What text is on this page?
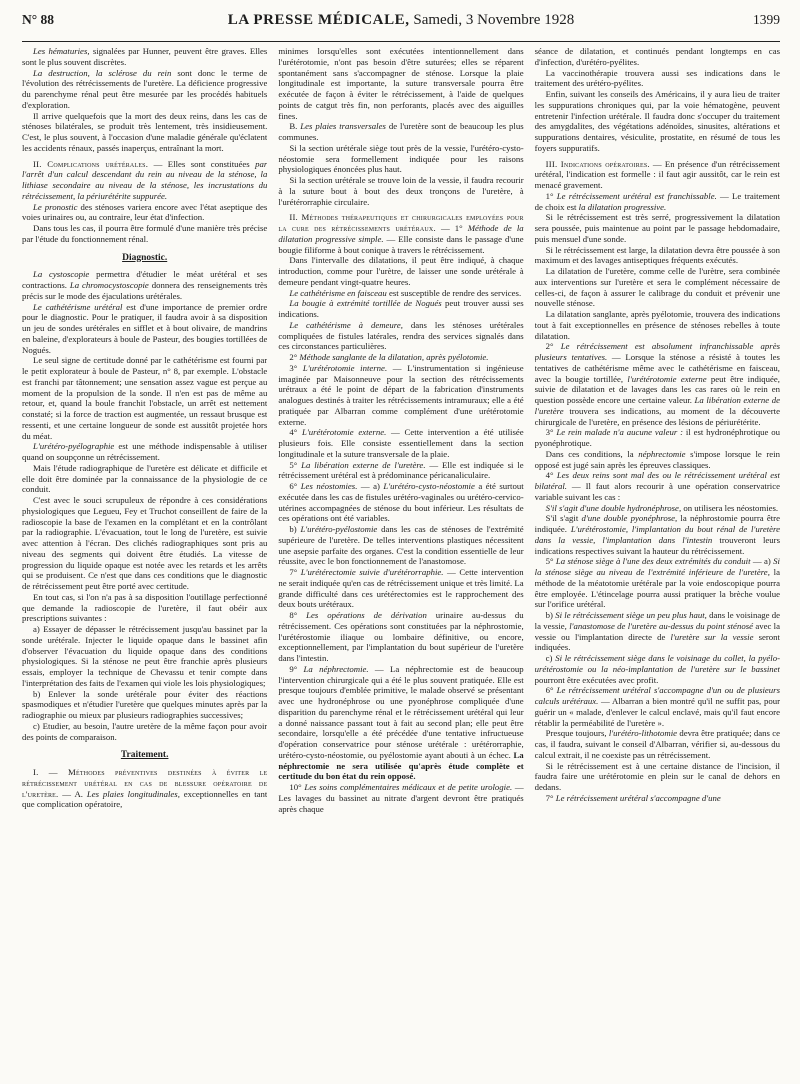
N° 88	LA PRESSE MÉDICALE, Samedi, 3 Novembre 1928	1399

Les hématuries, signalées par Hunner, peuvent être graves. Elles sont le plus souvent discrètes.

La destruction, la sclérose du rein sont donc le terme de l'évolution des rétrécissements de l'uretère. La déficience progressive du parenchyme rénal peut être mesurée par les procédés habituels d'exploration.

Il arrive quelquefois que la mort des deux reins, dans les cas de sténoses bilatérales, se produit très lentement, très insidieusement. C'est, le plus souvent, à l'occasion d'une maladie générale qu'éclatent les accidents rénaux, passés inaperçus, entraînant la mort.

II. Complications urétérales. — Elles sont constituées par l'arrêt d'un calcul descendant du rein au niveau de la sténose, la lithiase secondaire au niveau de la sténose, les incrustations du rétrécissement, la périurétérite suppurée.

Le pronostic des sténoses variera encore avec l'état aseptique des voies urinaires ou, au contraire, leur état d'infection.

Dans tous les cas, il pourra être formulé d'une manière très précise par l'étude du fonctionnement rénal.

Diagnostic.

La cystoscopie permettra d'étudier le méat urétéral et ses contractions. La chromocystoscopie donnera des renseignements très précis sur le mode des éjaculations urétérales.

Le cathétérisme urétéral est d'une importance de premier ordre pour le diagnostic. Pour le pratiquer, il faudra avoir à sa disposition un jeu de sondes urétérales en sifflet et à bout olivaire, de mandrins en baleine, d'explorateurs à boule de Pasteur, des bougies tortillées de Nogués.

Le seul signe de certitude donné par le cathétérisme est fourni par le petit explorateur à boule de Pasteur, n° 8, par exemple. L'obstacle est franchi par tâtonnement; une sensation assez vague est perçue au moment de la propulsion de la sonde. Il n'en est pas de même au retour, et, quand la boule franchit l'obstacle, un arrêt est nettement constaté; si la force de traction est augmentée, un ressaut brusque est ressenti, et une certaine longueur de sonde est aussitôt projetée hors du méat.

L'urétéro-pyélographie est une méthode indispensable à utiliser quand on soupçonne un rétrécissement.

Mais l'étude radiographique de l'uretère est délicate et difficile et elle doit être dominée par la connaissance de la physiologie de ce conduit.

C'est avec le souci scrupuleux de répondre à ces considérations physiologiques que Legueu, Fey et Truchot conseillent de faire de la radioscopie la base de l'examen en la complétant et en la contrôlant par la radiographie. L'évacuation, tout le long de l'uretère, est suivie avec attention à l'écran. Des clichés radiographiques sont pris au niveau des segments qui doivent être étudiés. La vitesse de progression du liquide opaque est notée avec les retards et les arrêts qui se produisent. Ce n'est que dans ces conditions que le diagnostic de rétrécissement peut être porté avec certitude.

En tout cas, si l'on n'a pas à sa disposition l'outillage perfectionné que demande la radioscopie de l'uretère, il faut obéir aux prescriptions suivantes :

a) Essayer de dépasser le rétrécissement jusqu'au bassinet par la sonde urétérale. Injecter le liquide opaque dans le bassinet afin d'observer l'évacuation du liquide opaque dans des conditions physiologiques. Si la sténose ne peut être franchie après plusieurs essais, employer la technique de Chevassu et tenir compte dans l'interprétation des faits de l'examen qui viole les lois physiologiques;

b) Enlever la sonde urétérale pour éviter des réactions spasmodiques et n'étudier l'uretère que quelques minutes après par la radiographie ou mieux par plusieurs radiographies successives;

c) Etudier, au besoin, l'autre uretère de la même façon pour avoir des points de comparaison.

Traitement.

I. — Méthodes préventives destinées à éviter le rétrécissement urétéral en cas de blessure opératoire de l'uretère. — A. Les plaies longitudinales, exceptionnelles en tant que complication opératoire,

minimes lorsqu'elles sont exécutées intentionnellement dans l'urétérotomie, n'ont pas besoin d'être suturées; elles se réparent spontanément sans s'accompagner de sténose. Lorsque la plaie longitudinale est importante, la suture transversale pourra être exécutée de façon à éviter le rétrécissement, à l'aide de quelques points de catgut très fin, non perforants, placés avec des aiguilles fines.

B. Les plaies transversales de l'uretère sont de beaucoup les plus communes.

Si la section urétérale siège tout près de la vessie, l'urétéro-cysto-néostomie sera formellement indiquée pour les raisons physiologiques énoncées plus haut.

Si la section urétérale se trouve loin de la vessie, il faudra recourir à la suture bout à bout des deux tronçons de l'uretère, à l'urétérorraphie circulaire.

II. Méthodes thérapeutiques et chirurgicales employées pour la cure des rétrécissements urétéraux. — 1° Méthode de la dilatation progressive simple. — Elle consiste dans le passage d'une bougie filiforme à bout conique à travers le rétrécissement.

Dans l'intervalle des dilatations, il peut être indiqué, à chaque introduction, comme pour l'urètre, de laisser une sonde urétérale à demeure pendant vingt-quatre heures.

Le cathétérisme en faisceau est susceptible de rendre des services.

La bougie à extrémité tortillée de Nogués peut trouver aussi ses indications.

Le cathétérisme à demeure, dans les sténoses urétérales compliquées de fistules latérales, rendra des services signalés dans ces circonstances particulières.

2° Méthode sanglante de la dilatation, après pyélotomie.

3° L'urétérotomie interne. — L'instrumentation si ingénieuse imaginée par Maisonneuve pour la section des rétrécissements urétraux a été le point de départ de la fabrication d'instruments analogues destinés à traiter les rétrécissements intramuraux; elle a été pratiquée par Albarran comme complément d'une urétérotomie externe.

4° L'urétérotomie externe. — Cette intervention a été utilisée plusieurs fois. Elle consiste essentiellement dans la section longitudinale et la suture transversale de la plaie.

5° La libération externe de l'uretère. — Elle est indiquée si le rétrécissement urétéral est à prédominance péricanaliculaire.

6° Les néostomies. — a) L'urétéro-cysto-néostomie a été surtout exécutée dans les cas de fistules urétéro-vaginales ou urétéro-cervico-utérines accompagnées de sténose du bout inférieur. Les résultats de ces opérations ont été variables.

b) L'urétéro-pyélostomie dans les cas de sténoses de l'extrémité supérieure de l'uretère. De telles interventions plastiques nécessitent une asepsie parfaite des organes. C'est la condition essentielle de leur réussite, avec le bon fonctionnement de l'anastomose.

7° L'urétérectomie suivie d'urétérorraphie. — Cette intervention ne serait indiquée qu'en cas de rétrécissement unique et très limité. La grande difficulté dans ces urétérectomies est le rapprochement des deux bouts urétéraux.

8° Les opérations de dérivation urinaire au-dessus du rétrécissement. Ces opérations sont constituées par la néphrostomie, l'urétérostomie iliaque ou lombaire définitive, ou encore, exceptionnellement, par l'implantation du bout supérieur de l'uretère dans l'intestin.

9° La néphrectomie. — La néphrectomie est de beaucoup l'intervention chirurgicale qui a été le plus souvent pratiquée. Elle est presque toujours d'emblée primitive, le malade observé se présentant avec une hydronéphrose ou une pyonéphrose compliquée d'une disparition du parenchyme rénal et le rétrécissement urétéral qui leur a donné naissance passant tout à fait au second plan; elle peut être secondaire, lorsqu'elle a été précédée d'une tentative infructueuse d'opération conservatrice pour sténose urétérale : urétérorraphie, urétéro-cysto-néostomie, ou pyélostomie ayant abouti à un échec. La néphrectomie ne sera utilisée qu'après étude complète et certitude du bon état du rein opposé.

10° Les soins complémentaires médicaux et de petite urologie. — Les lavages du bassinet au nitrate d'argent devront être pratiqués après chaque

séance de dilatation, et continués pendant longtemps en cas d'infection, d'urétéro-pyélites.

La vaccinothérapie trouvera aussi ses indications dans le traitement des urétéro-pyélites.

Enfin, suivant les conseils des Américains, il y aura lieu de traiter les suppurations chroniques qui, par la voie hématogène, peuvent entretenir l'infection urétérale. Il faudra donc s'occuper du traitement des amygdalites, des végétations adénoïdes, sinusites, altérations et suppurations dentaires, vésiculite, prostatite, en résumé de tous les foyers suppuratifs.

III. Indications opératoires. — En présence d'un rétrécissement urétéral, l'indication est formelle : il faut agir aussitôt, car le rein est menacé gravement.

1° Le rétrécissement urétéral est franchissable. — Le traitement de choix est la dilatation progressive.

Si le rétrécissement est très serré, progressivement la dilatation sera poussée, puis maintenue au point par le passage hebdomadaire, puis mensuel d'une sonde.

Si le rétrécissement est large, la dilatation devra être poussée à son maximum et des lavages antiseptiques fréquents exécutés.

La dilatation de l'uretère, comme celle de l'urètre, sera combinée aux interventions sur l'uretère et sera le complément nécessaire de celles-ci, de façon à assurer le calibrage du conduit et prévenir une nouvelle sténose.

La dilatation sanglante, après pyélotomie, trouvera des indications tout à fait exceptionnelles en présence de sténoses rebelles à toute dilatation.

2° Le rétrécissement est absolument infranchissable après plusieurs tentatives. — Lorsque la sténose a résisté à toutes les tentatives de cathétérisme même avec le cathétérisme en faisceau, avec la bougie tortillée, l'urétérotomie externe peut être indiquée, suivie de dilatation et de lavages dans les cas rares où le rein en question possède encore une certaine valeur. La libération externe de l'uretère trouvera ses indications, au moment de la découverte chirurgicale de l'uretère, en présence des lésions de périurétérite.

3° Le rein malade n'a aucune valeur : il est hydronéphrotique ou pyonéphrotique.

Dans ces conditions, la néphrectomie s'impose lorsque le rein opposé est jugé sain après les épreuves classiques.

4° Les deux reins sont mal des ou le rétrécissement urétéral est bilatéral. — Il faut alors recourir à une opération conservatrice variable suivant les cas :

S'il s'agit d'une double hydronéphrose, on utilisera les néostomies.

S'il s'agit d'une double pyonéphrose, la néphrostomie pourra être indiquée. L'urétérostomie, l'implantation du bout rénal de l'uretère dans la vessie, l'implantation dans l'intestin trouveront leurs indications respectives suivant la hauteur du rétrécissement.

5° La sténose siège à l'une des deux extrémités du conduit — a) Si la sténose siège au niveau de l'extrémité inférieure de l'uretère, la méthode de la méatotomie urétérale par la voie endoscopique pourra être employée. L'étincelage pourra aussi pratiquer la brèche voulue sur l'orifice urétéral.

b) Si le rétrécissement siège un peu plus haut, dans le voisinage de la vessie, l'anastomose de l'uretère au-dessus du point sténosé avec la vessie ou l'implantation directe de l'uretère sur la vessie seront indiquées.

c) Si le rétrécissement siège dans le voisinage du collet, la pyélo-urétérostomie ou la néo-implantation de l'uretère sur le bassinet pourront être exécutées avec profit.

6° Le rétrécissement urétéral s'accompagne d'un ou de plusieurs calculs urétéraux. — Albarran a bien montré qu'il ne suffit pas, pour guérir un « malade, d'enlever le calcul enclavé, mais qu'il faut encore rétablir la perméabilité de l'uretère ».

Presque toujours, l'urétéro-lithotomie devra être pratiquée; dans ce cas, il faudra, suivant le conseil d'Albarran, vérifier si, au-dessous du calcul extrait, il ne coexiste pas un rétrécissement.

Si le rétrécissement est à une certaine distance de l'incision, il faudra faire une urétérotomie en plein sur le canal de dehors en dedans.

7° Le rétrécissement urétéral s'accompagne d'une
